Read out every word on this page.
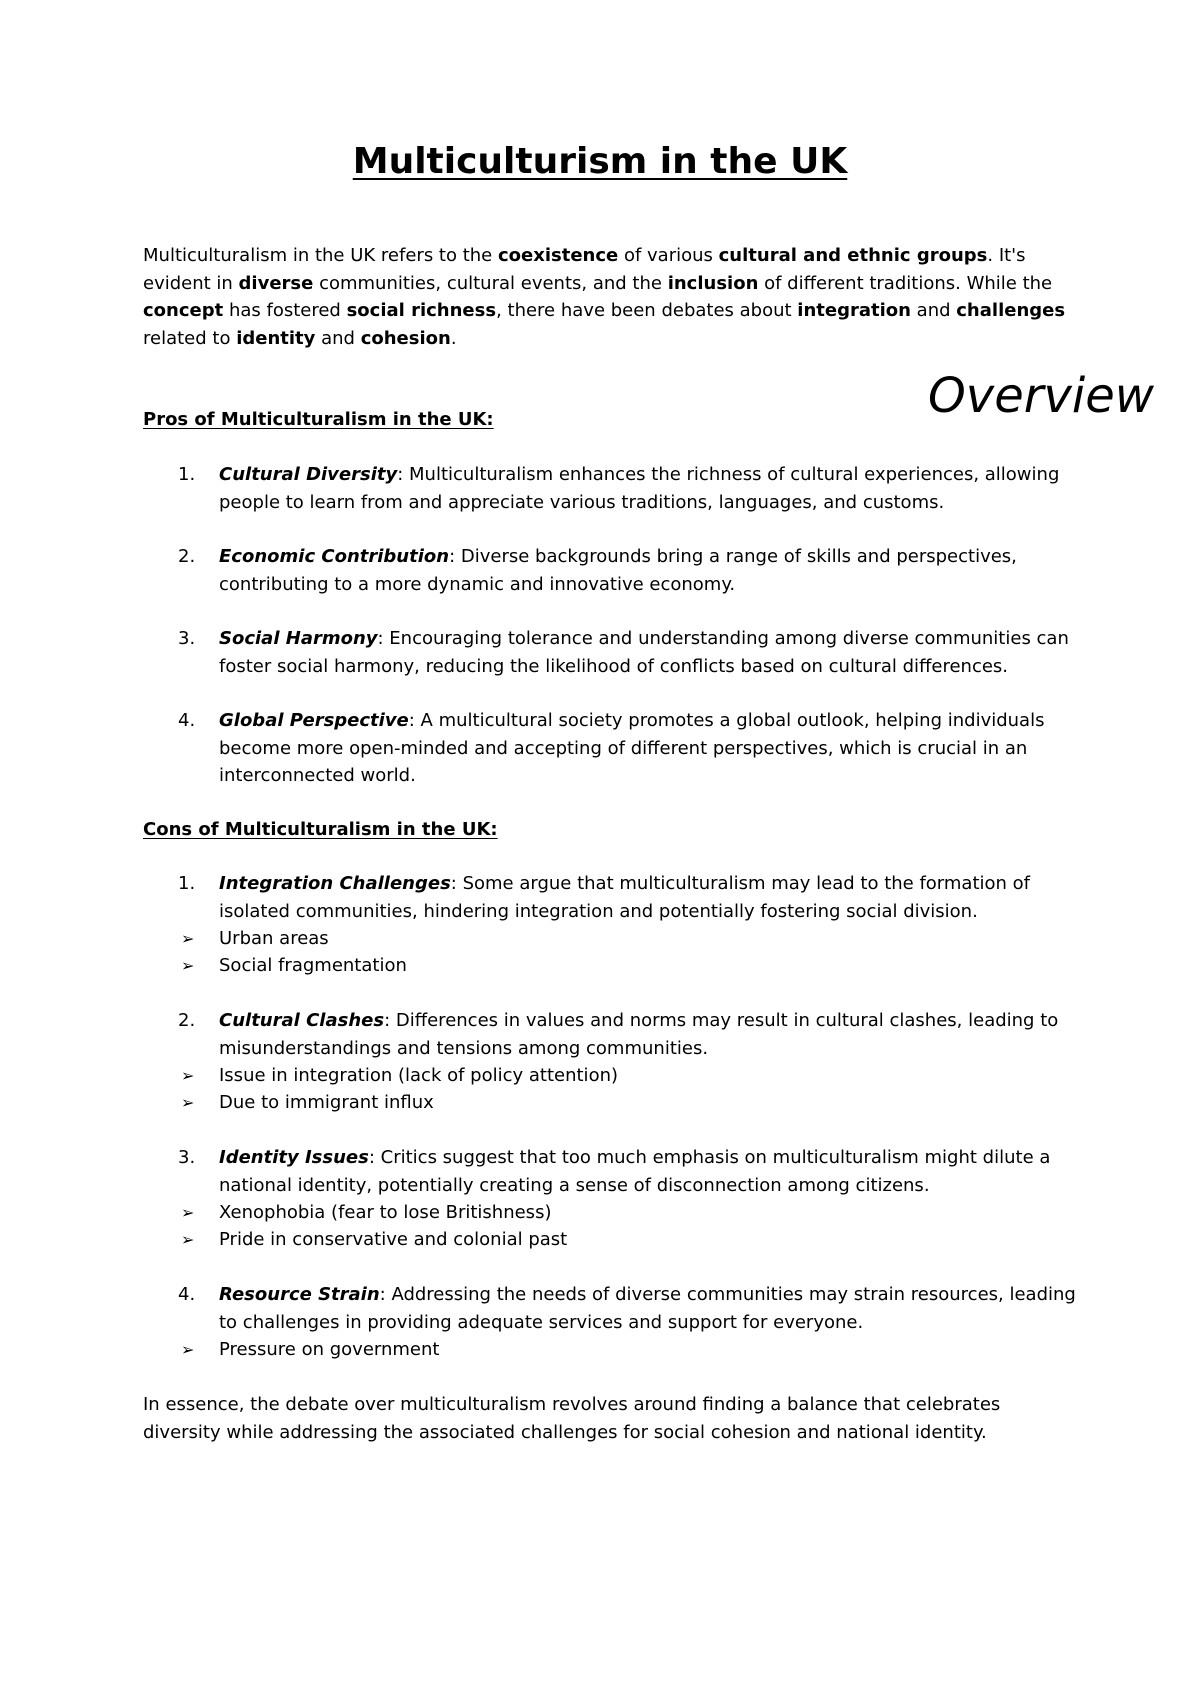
Multiculturism in the UK

Multiculturalism in the UK refers to the coexistence of various cultural and ethnic groups. It's evident in diverse communities, cultural events, and the inclusion of different traditions. While the concept has fostered social richness, there have been debates about integration and challenges related to identity and cohesion.

Overview
Pros of Multiculturalism in the UK:
1. Cultural Diversity: Multiculturalism enhances the richness of cultural experiences, allowing people to learn from and appreciate various traditions, languages, and customs.
2. Economic Contribution: Diverse backgrounds bring a range of skills and perspectives, contributing to a more dynamic and innovative economy.
3. Social Harmony: Encouraging tolerance and understanding among diverse communities can foster social harmony, reducing the likelihood of conflicts based on cultural differences.
4. Global Perspective: A multicultural society promotes a global outlook, helping individuals become more open-minded and accepting of different perspectives, which is crucial in an interconnected world.
Cons of Multiculturalism in the UK:
1. Integration Challenges: Some argue that multiculturalism may lead to the formation of isolated communities, hindering integration and potentially fostering social division.
➢ Urban areas
➢ Social fragmentation
2. Cultural Clashes: Differences in values and norms may result in cultural clashes, leading to misunderstandings and tensions among communities.
➢ Issue in integration (lack of policy attention)
➢ Due to immigrant influx
3. Identity Issues: Critics suggest that too much emphasis on multiculturalism might dilute a national identity, potentially creating a sense of disconnection among citizens.
➢ Xenophobia (fear to lose Britishness)
➢ Pride in conservative and colonial past
4. Resource Strain: Addressing the needs of diverse communities may strain resources, leading to challenges in providing adequate services and support for everyone.
➢ Pressure on government

In essence, the debate over multiculturalism revolves around finding a balance that celebrates diversity while addressing the associated challenges for social cohesion and national identity.
